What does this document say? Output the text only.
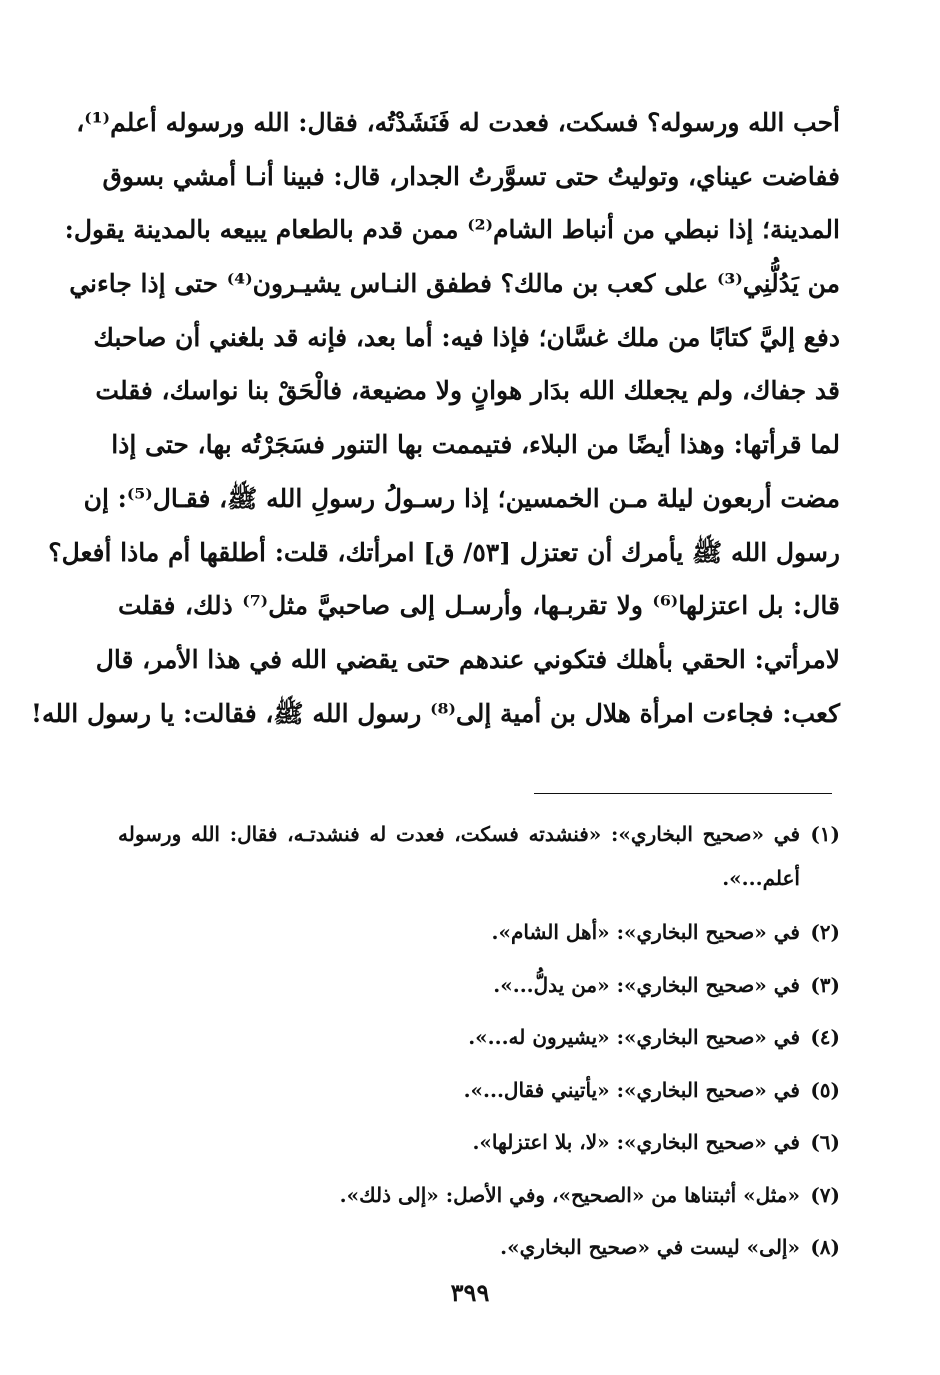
أحب الله ورسوله؟ فسكت، فعدت له فَنَشَدْتُه، فقال: الله ورسوله أعلم⁽¹⁾،
ففاضت عيناي، وتوليتُ حتى تسوَّرتُ الجدار، قال: فبينا أنـا أمشي بسوق
المدينة؛ إذا نبطي من أنباط الشام⁽²⁾ ممن قدم بالطعام يبيعه بالمدينة يقول:
من يَدُلُّنِي⁽³⁾ على كعب بن مالك؟ فطفق النـاس يشيـرون⁽⁴⁾ حتى إذا جاءني
دفع إليَّ كتابًا من ملك غسَّان؛ فإذا فيه: أما بعد، فإنه قد بلغني أن صاحبك
قد جفاك، ولم يجعلك الله بدَار هوانٍ ولا مضيعة، فالْحَقْ بنا نواسك، فقلت
لما قرأتها: وهذا أيضًا من البلاء، فتيممت بها التنور فسَجَرْتُه بها، حتى إذا
مضت أربعون ليلة مـن الخمسين؛ إذا رسـولُ رسولِ الله ﷺ، فقـال⁽⁵⁾: إن
رسول الله ﷺ يأمرك أن تعتزل [٥٣/ ق] امرأتك، قلت: أطلقها أم ماذا أفعل؟
قال: بل اعتزلها⁽⁶⁾ ولا تقربـها، وأرسـل إلى صاحبيَّ مثل⁽⁷⁾ ذلك، فقلت
لامرأتي: الحقي بأهلك فتكوني عندهم حتى يقضي الله في هذا الأمر، قال
كعب: فجاءت امرأة هلال بن أمية إلى⁽⁸⁾ رسول الله ﷺ، فقالت: يا رسول الله!
(١)
في «صحيح البخاري»: «فنشدته فسكت، فعدت له فنشدتـه، فقال: الله ورسوله
أعلم...».
(٢)
في «صحيح البخاري»: «أهل الشام».
(٣)
في «صحيح البخاري»: «من يدلُّ...».
(٤)
في «صحيح البخاري»: «يشيرون له...».
(٥)
في «صحيح البخاري»: «يأتيني فقال...».
(٦)
في «صحيح البخاري»: «لا، بلا اعتزلها».
(٧)
«مثل» أثبتناها من «الصحيح»، وفي الأصل: «إلى ذلك».
(٨)
«إلى» ليست في «صحيح البخاري».
٣٩٩
